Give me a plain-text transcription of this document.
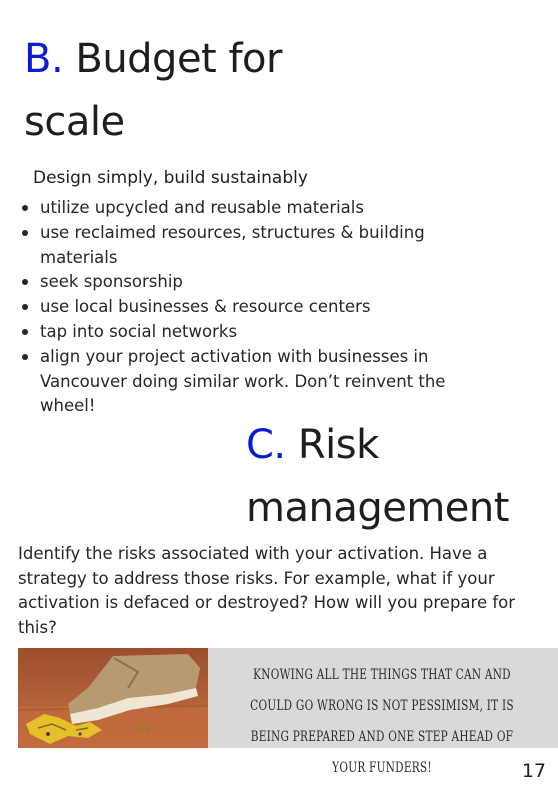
B. Budget for scale
Design simply, build sustainably
utilize upcycled and reusable materials
use reclaimed resources, structures & building materials
seek sponsorship
use local businesses & resource centers
tap into social networks
align your project activation with businesses in Vancouver doing similar work. Don’t reinvent the wheel!
C. Risk management

Identify the risks associated with your activation. Have a strategy to address those risks. For example, what if your activation is defaced or destroyed? How will you prepare for this?

KNOWING ALL THE THINGS THAT CAN AND COULD GO WRONG IS NOT PESSIMISM, IT IS BEING PREPARED AND ONE STEP AHEAD OF YOUR FUNDERS!	17
